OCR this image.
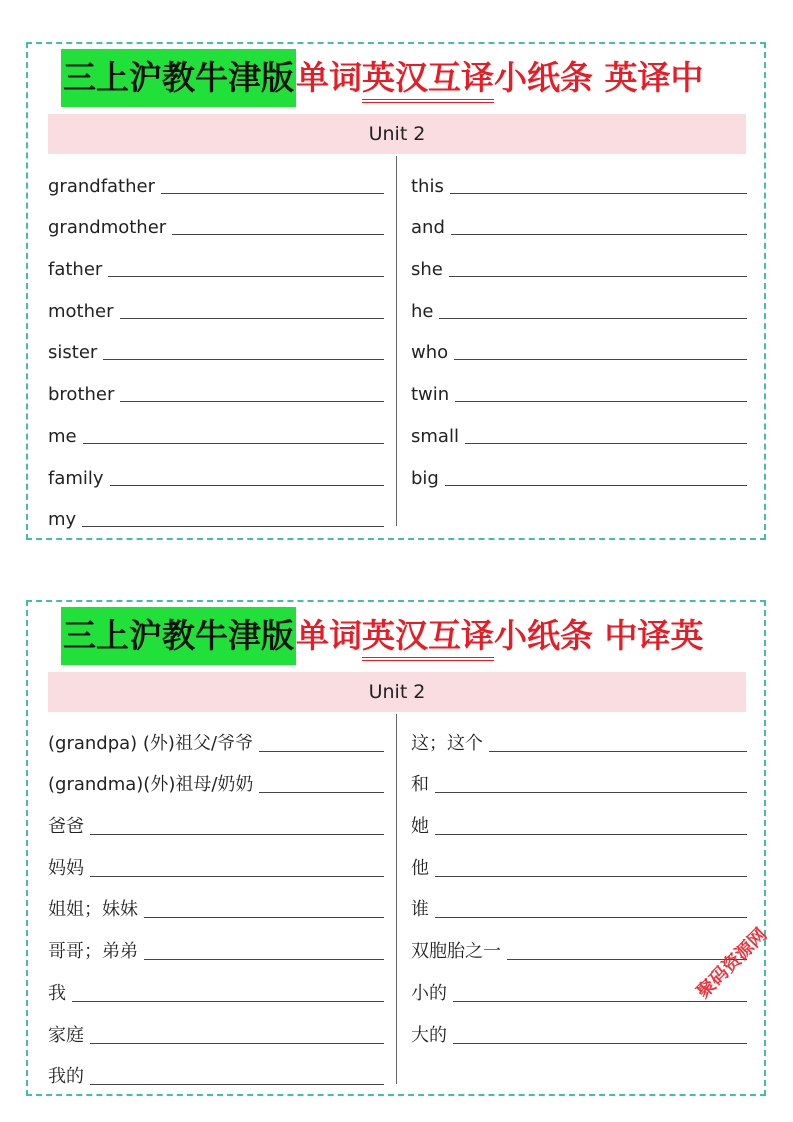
三上沪教牛津版单词英汉互译小纸条 英译中
Unit 2
grandfather
grandmother
father
mother
sister
brother
me
family
my
this
and
she
he
who
twin
small
big
三上沪教牛津版单词英汉互译小纸条 中译英
Unit 2
(grandpa) (外)祖父/爷爷
(grandma)(外)祖母/奶奶
爸爸
妈妈
姐姐；妹妹
哥哥；弟弟
我
家庭
我的
这；这个
和
她
他
谁
双胞胎之一
小的
大的
聚码资源网
